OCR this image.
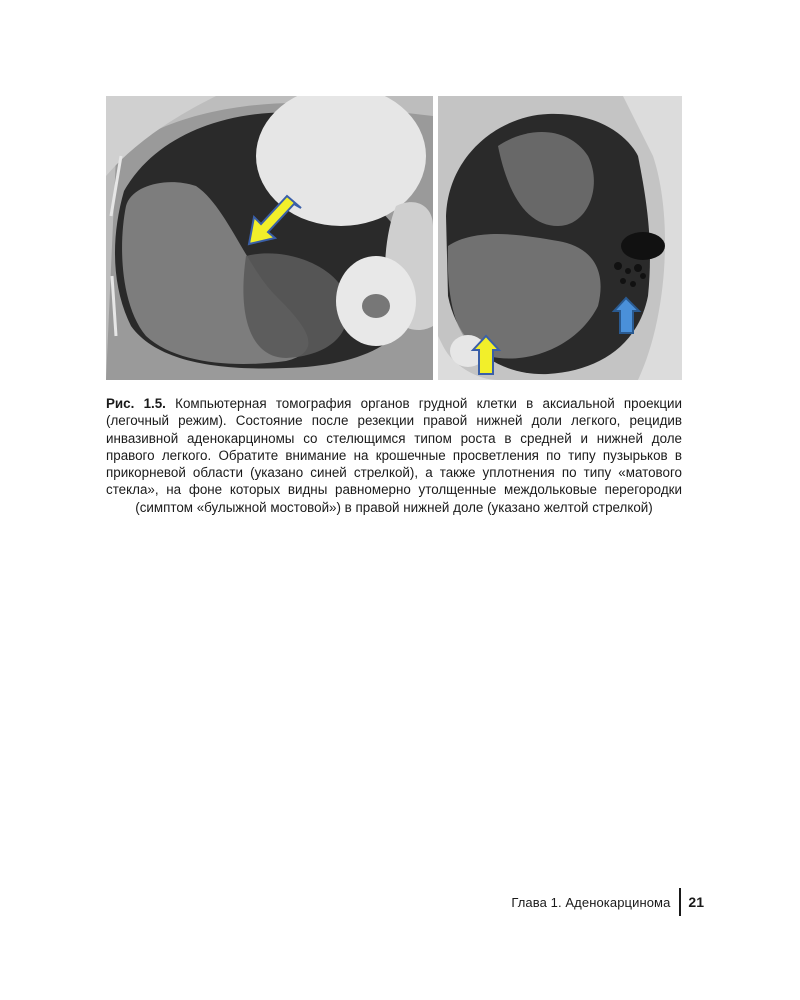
Рис. 1.5. Компьютерная томография органов грудной клетки в аксиальной проекции (легочный режим). Состояние после резекции правой нижней доли легкого, рецидив инвазивной аденокарциномы со стелющимся типом роста в средней и нижней доле правого легкого. Обратите внимание на крошечные просветления по типу пузырьков в прикорневой области (указано синей стрелкой), а также уплотнения по типу «матового стекла», на фоне которых видны равномерно утолщенные междольковые перегородки (симптом «булыжной мостовой») в правой нижней доле (указано желтой стрелкой)

Глава 1. Аденокарцинома 21
